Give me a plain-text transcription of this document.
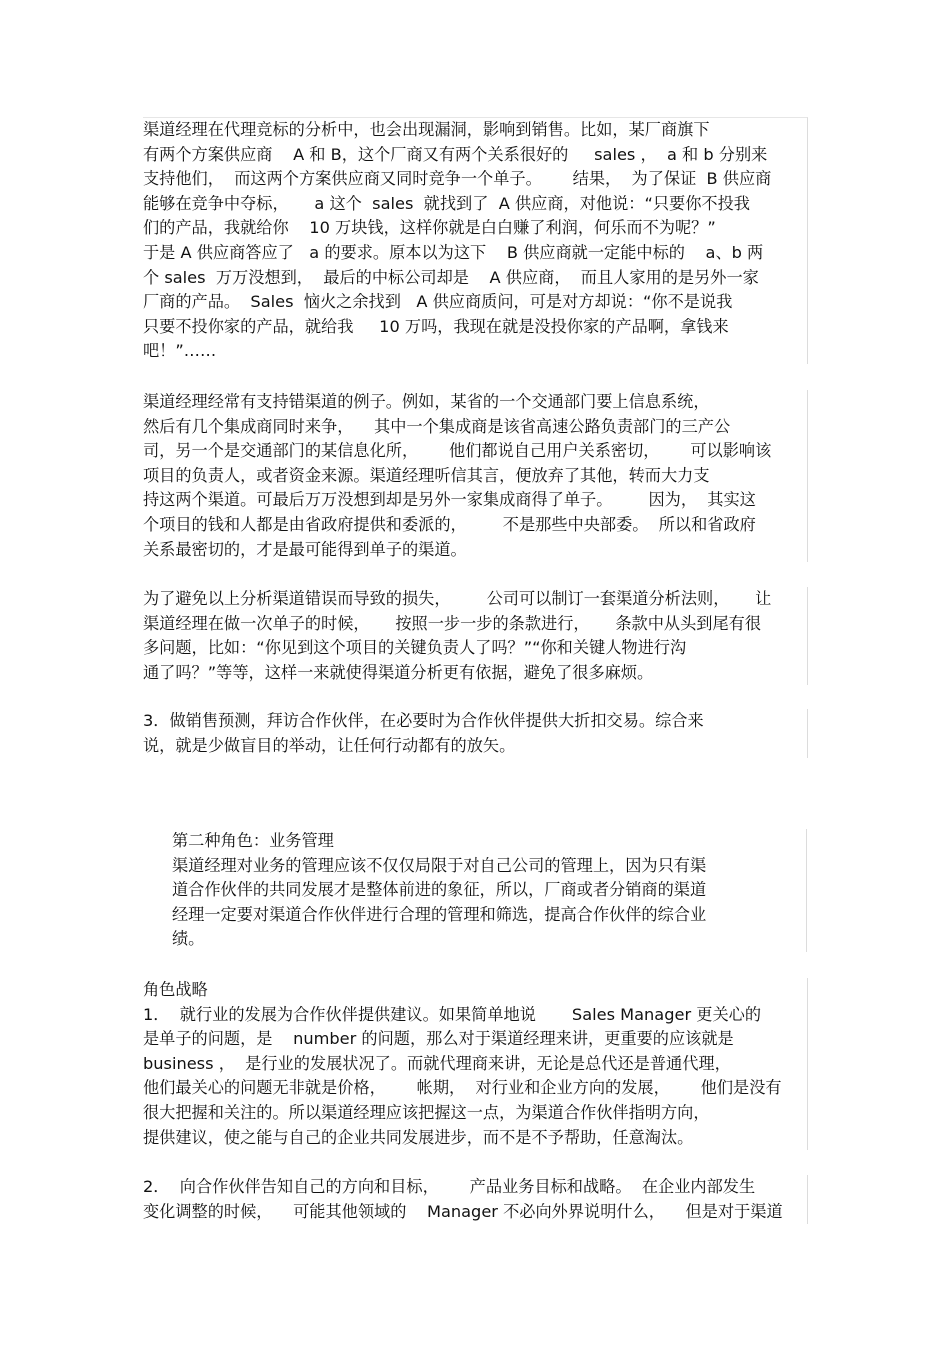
渠道经理在代理竞标的分析中，也会出现漏洞，影响到销售。比如，某厂商旗下

有两个方案供应商    A 和 B，这个厂商又有两个关系很好的     sales ，  a 和 b 分别来

支持他们，  而这两个方案供应商又同时竞争一个单子。      结果，  为了保证  B 供应商

能够在竞争中夺标，     a 这个  sales  就找到了  A 供应商，对他说：“只要你不投我

们的产品，我就给你    10 万块钱，这样你就是白白赚了利润，何乐而不为呢？”

于是 A 供应商答应了   a 的要求。原本以为这下    B 供应商就一定能中标的    a、b 两

个 sales  万万没想到，  最后的中标公司却是    A 供应商，  而且人家用的是另外一家

厂商的产品。  Sales  恼火之余找到   A 供应商质问，可是对方却说：“你不是说我

只要不投你家的产品，就给我     10 万吗，我现在就是没投你家的产品啊，拿钱来

吧！”……

渠道经理经常有支持错渠道的例子。例如，某省的一个交通部门要上信息系统，

然后有几个集成商同时来争，    其中一个集成商是该省高速公路负责部门的三产公

司，另一个是交通部门的某信息化所，      他们都说自己用户关系密切，      可以影响该

项目的负责人，或者资金来源。渠道经理听信其言，便放弃了其他，转而大力支

持这两个渠道。可最后万万没想到却是另外一家集成商得了单子。       因为，  其实这

个项目的钱和人都是由省政府提供和委派的，       不是那些中央部委。  所以和省政府

关系最密切的，才是最可能得到单子的渠道。

为了避免以上分析渠道错误而导致的损失，       公司可以制订一套渠道分析法则，     让

渠道经理在做一次单子的时候，     按照一步一步的条款进行，     条款中从头到尾有很

多问题，比如：“你见到这个项目的关键负责人了吗？”“你和关键人物进行沟

通了吗？”等等，这样一来就使得渠道分析更有依据，避免了很多麻烦。

3．做销售预测，拜访合作伙伴，在必要时为合作伙伴提供大折扣交易。综合来

说，就是少做盲目的举动，让任何行动都有的放矢。

第二种角色：业务管理

渠道经理对业务的管理应该不仅仅局限于对自己公司的管理上，因为只有渠

道合作伙伴的共同发展才是整体前进的象征，所以，厂商或者分销商的渠道

经理一定要对渠道合作伙伴进行合理的管理和筛选，提高合作伙伴的综合业

绩。

角色战略

1．  就行业的发展为合作伙伴提供建议。如果简单地说       Sales Manager 更关心的

是单子的问题，是    number 的问题，那么对于渠道经理来讲，更重要的应该就是

business ，  是行业的发展状况了。而就代理商来讲，无论是总代还是普通代理，

他们最关心的问题无非就是价格，      帐期，  对行业和企业方向的发展，      他们是没有

很大把握和关注的。所以渠道经理应该把握这一点，为渠道合作伙伴指明方向，

提供建议，使之能与自己的企业共同发展进步，而不是不予帮助，任意淘汰。

2．  向合作伙伴告知自己的方向和目标，      产品业务目标和战略。  在企业内部发生

变化调整的时候，    可能其他领域的    Manager 不必向外界说明什么，    但是对于渠道
